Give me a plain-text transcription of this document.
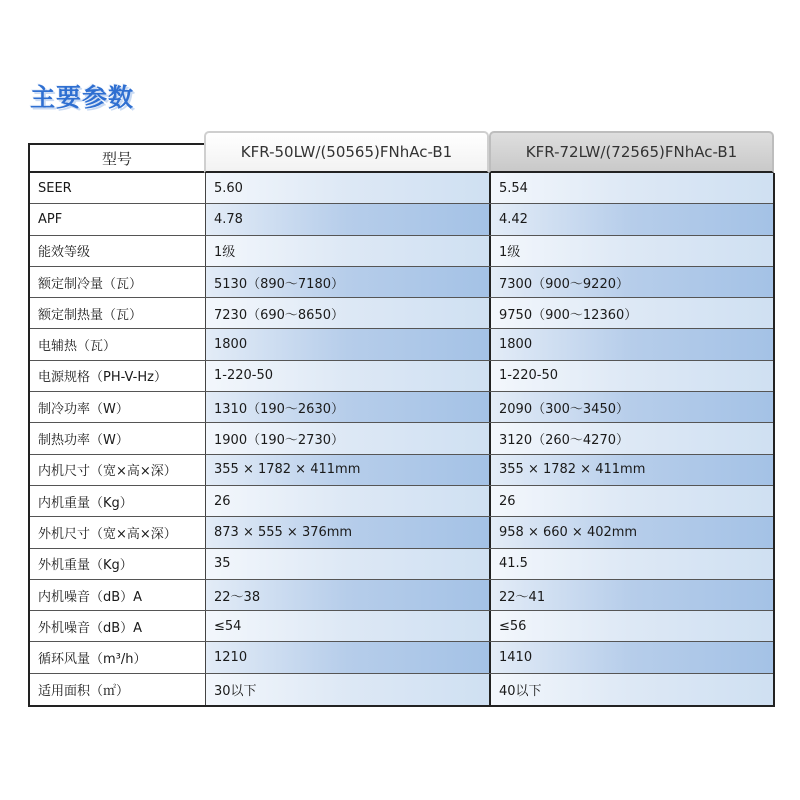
主要参数
型号	KFR-50LW/(50565)FNhAc-B1	KFR-72LW/(72565)FNhAc-B1
SEER	5.60	5.54
APF	4.78	4.42
能效等级	1级	1级
额定制冷量（瓦）	5130（890～7180）	7300（900～9220）
额定制热量（瓦）	7230（690～8650）	9750（900～12360）
电辅热（瓦）	1800	1800
电源规格（PH-V-Hz）	1-220-50	1-220-50
制冷功率（W）	1310（190～2630）	2090（300～3450）
制热功率（W）	1900（190～2730）	3120（260～4270）
内机尺寸（宽×高×深）	355 × 1782 × 411mm	355 × 1782 × 411mm
内机重量（Kg）	26	26
外机尺寸（宽×高×深）	873 × 555 × 376mm	958 × 660 × 402mm
外机重量（Kg）	35	41.5
内机噪音（dB）A	22～38	22～41
外机噪音（dB）A	≤54	≤56
循环风量（m³/h）	1210	1410
适用面积（㎡）	30以下	40以下
